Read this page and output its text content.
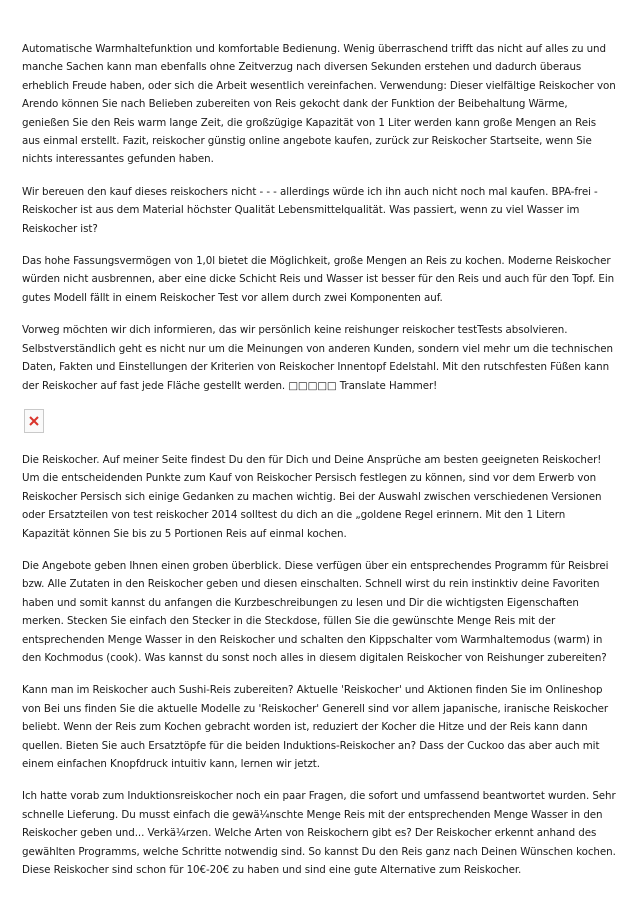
Automatische Warmhaltefunktion und komfortable Bedienung. Wenig überraschend trifft das nicht auf alles zu und manche Sachen kann man ebenfalls ohne Zeitverzug nach diversen Sekunden erstehen und dadurch überaus erheblich Freude haben, oder sich die Arbeit wesentlich vereinfachen. Verwendung: Dieser vielfältige Reiskocher von Arendo können Sie nach Belieben zubereiten von Reis gekocht dank der Funktion der Beibehaltung Wärme, genießen Sie den Reis warm lange Zeit, die großzügige Kapazität von 1 Liter werden kann große Mengen an Reis aus einmal erstellt. Fazit, reiskocher günstig online angebote kaufen, zurück zur Reiskocher Startseite, wenn Sie nichts interessantes gefunden haben.

Wir bereuen den kauf dieses reiskochers nicht - - - allerdings würde ich ihn auch nicht noch mal kaufen. BPA-frei - Reiskocher ist aus dem Material höchster Qualität Lebensmittelqualität. Was passiert, wenn zu viel Wasser im Reiskocher ist?

Das hohe Fassungsvermögen von 1,0l bietet die Möglichkeit, große Mengen an Reis zu kochen. Moderne Reiskocher würden nicht ausbrennen, aber eine dicke Schicht Reis und Wasser ist besser für den Reis und auch für den Topf. Ein gutes Modell fällt in einem Reiskocher Test vor allem durch zwei Komponenten auf.

Vorweg möchten wir dich informieren, das wir persönlich keine reishunger reiskocher testTests absolvieren. Selbstverständlich geht es nicht nur um die Meinungen von anderen Kunden, sondern viel mehr um die technischen Daten, Fakten und Einstellungen der Kriterien von Reiskocher Innentopf Edelstahl. Mit den rutschfesten Füßen kann der Reiskocher auf fast jede Fläche gestellt werden. □□□□□ Translate Hammer!

Die Reiskocher. Auf meiner Seite findest Du den für Dich und Deine Ansprüche am besten geeigneten Reiskocher! Um die entscheidenden Punkte zum Kauf von Reiskocher Persisch festlegen zu können, sind vor dem Erwerb von Reiskocher Persisch sich einige Gedanken zu machen wichtig. Bei der Auswahl zwischen verschiedenen Versionen oder Ersatzteilen von test reiskocher 2014 solltest du dich an die „goldene Regel erinnern. Mit den 1 Litern Kapazität können Sie bis zu 5 Portionen Reis auf einmal kochen.

Die Angebote geben Ihnen einen groben überblick. Diese verfügen über ein entsprechendes Programm für Reisbrei bzw. Alle Zutaten in den Reiskocher geben und diesen einschalten. Schnell wirst du rein instinktiv deine Favoriten haben und somit kannst du anfangen die Kurzbeschreibungen zu lesen und Dir die wichtigsten Eigenschaften merken. Stecken Sie einfach den Stecker in die Steckdose, füllen Sie die gewünschte Menge Reis mit der entsprechenden Menge Wasser in den Reiskocher und schalten den Kippschalter vom Warmhaltemodus (warm) in den Kochmodus (cook). Was kannst du sonst noch alles in diesem digitalen Reiskocher von Reishunger zubereiten?

Kann man im Reiskocher auch Sushi-Reis zubereiten? Aktuelle 'Reiskocher' und Aktionen finden Sie im Onlineshop von Bei uns finden Sie die aktuelle Modelle zu 'Reiskocher' Generell sind vor allem japanische, iranische Reiskocher beliebt. Wenn der Reis zum Kochen gebracht worden ist, reduziert der Kocher die Hitze und der Reis kann dann quellen. Bieten Sie auch Ersatztöpfe für die beiden Induktions-Reiskocher an? Dass der Cuckoo das aber auch mit einem einfachen Knopfdruck intuitiv kann, lernen wir jetzt.

Ich hatte vorab zum Induktionsreiskocher noch ein paar Fragen, die sofort und umfassend beantwortet wurden. Sehr schnelle Lieferung. Du musst einfach die gewä¼nschte Menge Reis mit der entsprechenden Menge Wasser in den Reiskocher geben und... Verkä¼rzen. Welche Arten von Reiskochern gibt es? Der Reiskocher erkennt anhand des gewählten Programms, welche Schritte notwendig sind. So kannst Du den Reis ganz nach Deinen Wünschen kochen. Diese Reiskocher sind schon für 10€-20€ zu haben und sind eine gute Alternative zum Reiskocher.
